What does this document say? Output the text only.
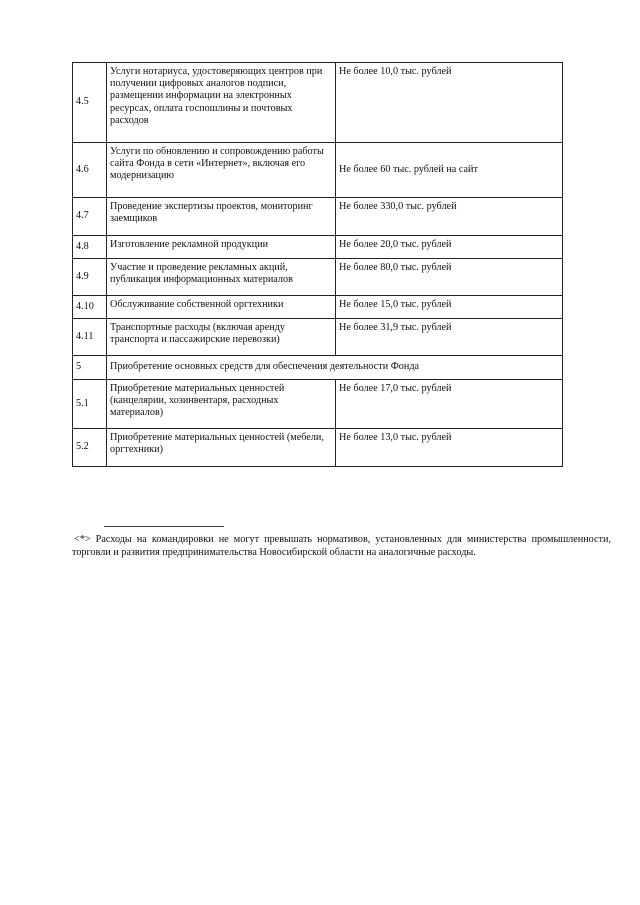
4.5	Услуги нотариуса, удостоверяющих центров при получении цифровых аналогов подписи, размещении информации на электронных ресурсах, оплата госпошлины и почтовых расходов	Не более 10,0 тыс. рублей
4.6	Услуги по обновлению и сопровождению работы сайта Фонда в сети «Интернет», включая его модернизацию	Не более 60 тыс. рублей на сайт
4.7	Проведение экспертизы проектов, мониторинг заемщиков	Не более 330,0 тыс. рублей
4.8	Изготовление рекламной продукции	Не более 20,0 тыс. рублей
4.9	Участие и проведение рекламных акций, публикация информационных материалов	Не более 80,0 тыс. рублей
4.10	Обслуживание собственной оргтехники	Не более 15,0 тыс. рублей
4.11	Транспортные расходы (включая аренду транспорта и пассажирские перевозки)	Не более 31,9 тыс. рублей
5	Приобретение основных средств для обеспечения деятельности Фонда	
5.1	Приобретение материальных ценностей (канцелярии, хозинвентаря, расходных материалов)	Не более 17,0 тыс. рублей
5.2	Приобретение материальных ценностей (мебели, оргтехники)	Не более 13,0 тыс. рублей
<*> Расходы на командировки не могут превышать нормативов, установленных для министерства промышленности, торговли и развития предпринимательства Новосибирской области на аналогичные расходы.
